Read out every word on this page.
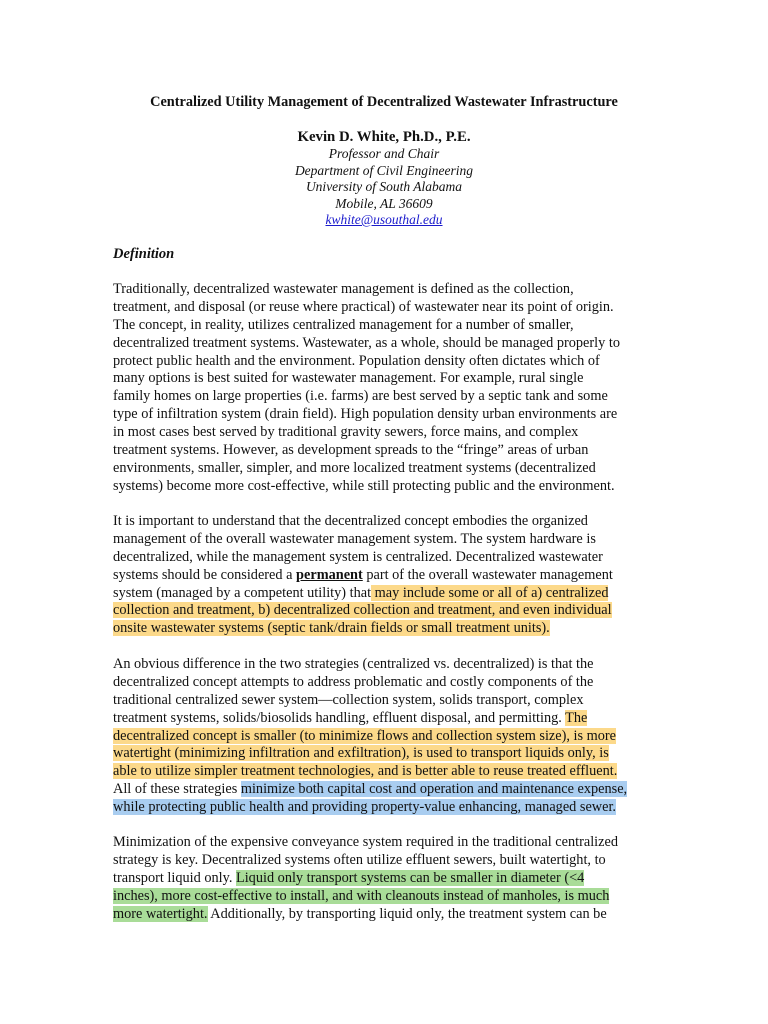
Centralized Utility Management of Decentralized Wastewater Infrastructure
Kevin D. White, Ph.D., P.E.
Professor and Chair
Department of Civil Engineering
University of South Alabama
Mobile, AL 36609
kwhite@usouthal.edu
Definition
Traditionally, decentralized wastewater management is defined as the collection,
treatment, and disposal (or reuse where practical) of wastewater near its point of origin.
The concept, in reality, utilizes centralized management for a number of smaller,
decentralized treatment systems. Wastewater, as a whole, should be managed properly to
protect public health and the environment. Population density often dictates which of
many options is best suited for wastewater management. For example, rural single
family homes on large properties (i.e. farms) are best served by a septic tank and some
type of infiltration system (drain field). High population density urban environments are
in most cases best served by traditional gravity sewers, force mains, and complex
treatment systems. However, as development spreads to the “fringe” areas of urban
environments, smaller, simpler, and more localized treatment systems (decentralized
systems) become more cost-effective, while still protecting public and the environment.
It is important to understand that the decentralized concept embodies the organized
management of the overall wastewater management system. The system hardware is
decentralized, while the management system is centralized. Decentralized wastewater
systems should be considered a permanent part of the overall wastewater management
system (managed by a competent utility) that may include some or all of a) centralized
collection and treatment, b) decentralized collection and treatment, and even individual
onsite wastewater systems (septic tank/drain fields or small treatment units).
An obvious difference in the two strategies (centralized vs. decentralized) is that the
decentralized concept attempts to address problematic and costly components of the
traditional centralized sewer system—collection system, solids transport, complex
treatment systems, solids/biosolids handling, effluent disposal, and permitting. The
decentralized concept is smaller (to minimize flows and collection system size), is more
watertight (minimizing infiltration and exfiltration), is used to transport liquids only, is
able to utilize simpler treatment technologies, and is better able to reuse treated effluent.
All of these strategies minimize both capital cost and operation and maintenance expense,
while protecting public health and providing property-value enhancing, managed sewer.
Minimization of the expensive conveyance system required in the traditional centralized
strategy is key. Decentralized systems often utilize effluent sewers, built watertight, to
transport liquid only. Liquid only transport systems can be smaller in diameter (<4
inches), more cost-effective to install, and with cleanouts instead of manholes, is much
more watertight. Additionally, by transporting liquid only, the treatment system can be
